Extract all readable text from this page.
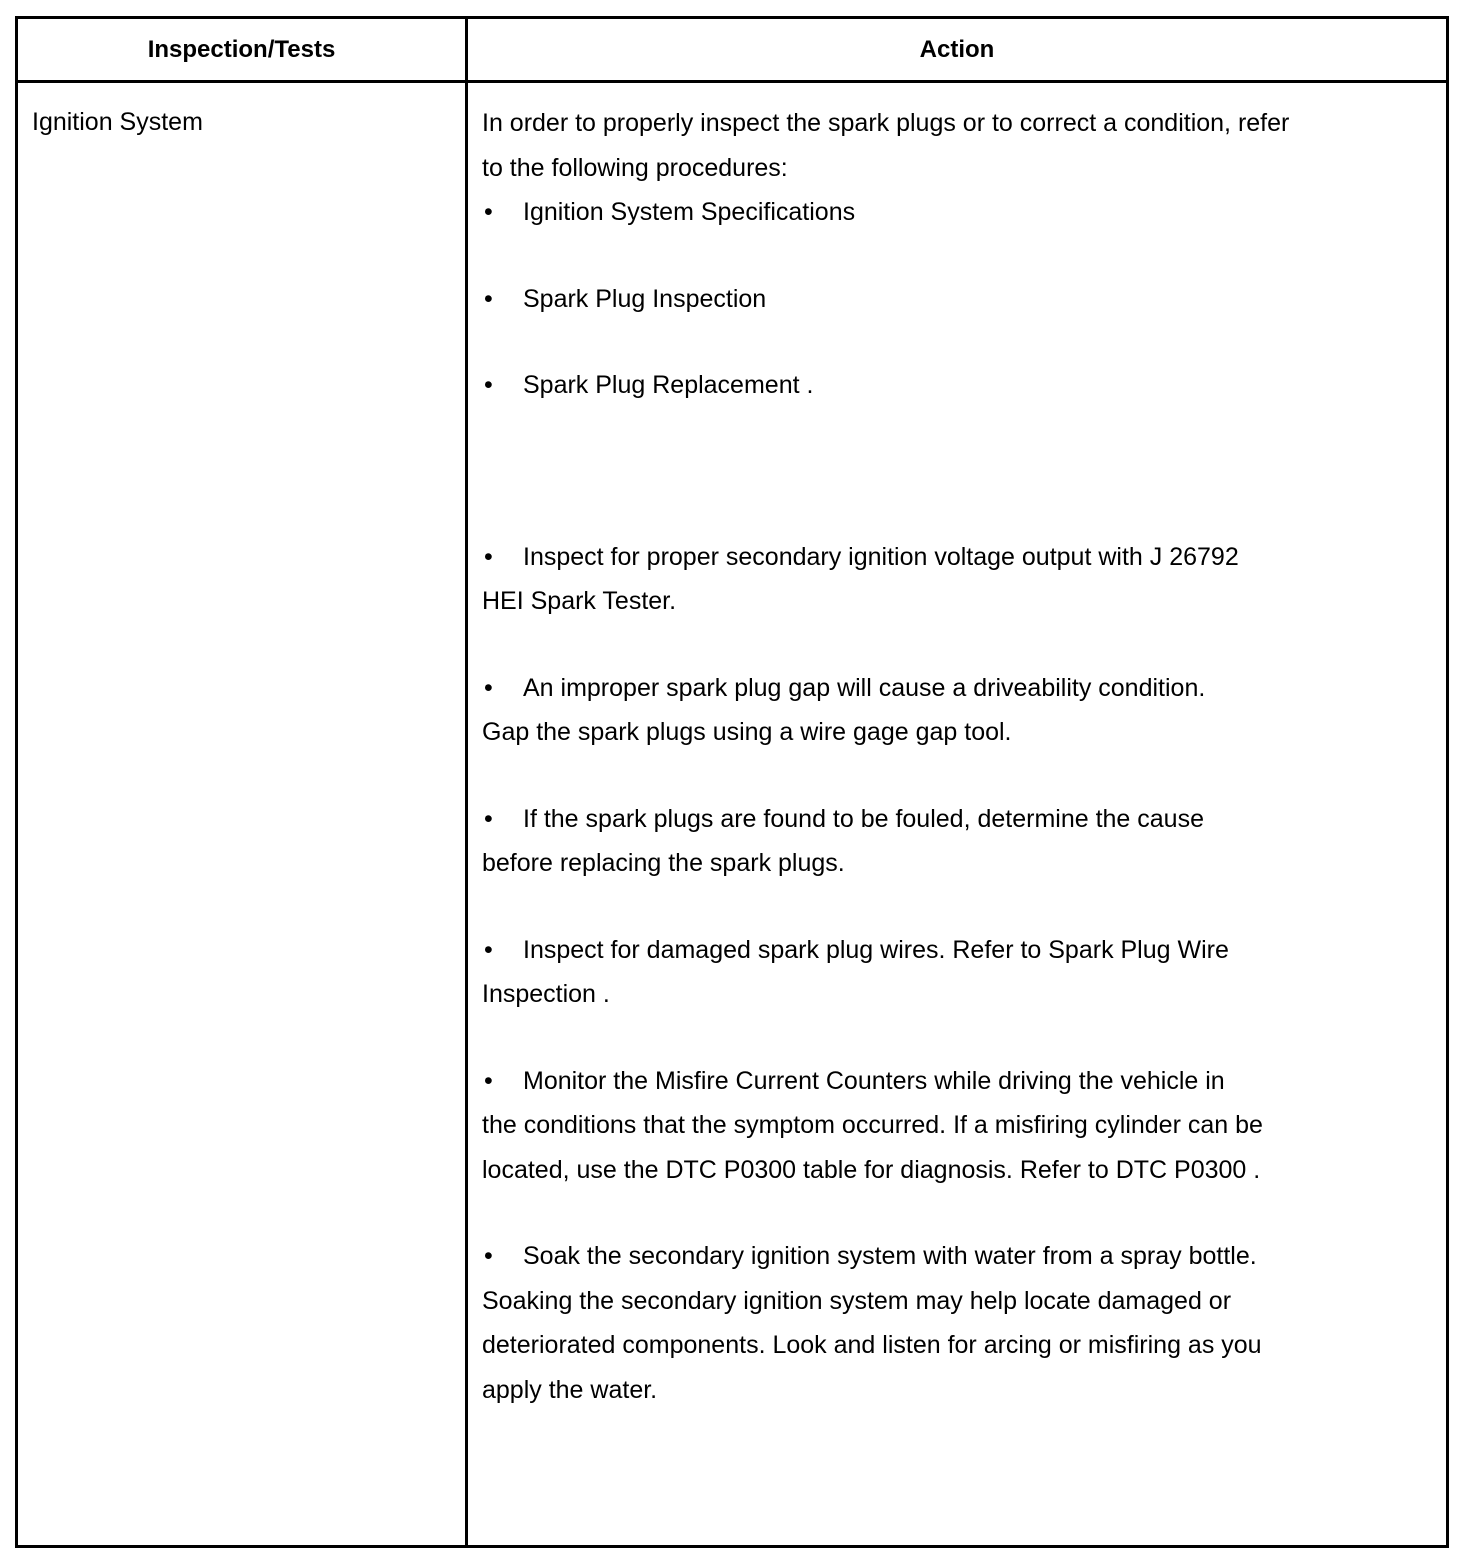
Inspection/Tests	Action
Ignition System	In order to properly inspect the spark plugs or to correct a condition, refer
to the following procedures:
• Ignition System Specifications
• Spark Plug Inspection
• Spark Plug Replacement .
• Inspect for proper secondary ignition voltage output with J 26792
HEI Spark Tester.
• An improper spark plug gap will cause a driveability condition.
Gap the spark plugs using a wire gage gap tool.
• If the spark plugs are found to be fouled, determine the cause
before replacing the spark plugs.
• Inspect for damaged spark plug wires. Refer to Spark Plug Wire
Inspection .
• Monitor the Misfire Current Counters while driving the vehicle in
the conditions that the symptom occurred. If a misfiring cylinder can be
located, use the DTC P0300 table for diagnosis. Refer to DTC P0300 .
• Soak the secondary ignition system with water from a spray bottle.
Soaking the secondary ignition system may help locate damaged or
deteriorated components. Look and listen for arcing or misfiring as you
apply the water.
